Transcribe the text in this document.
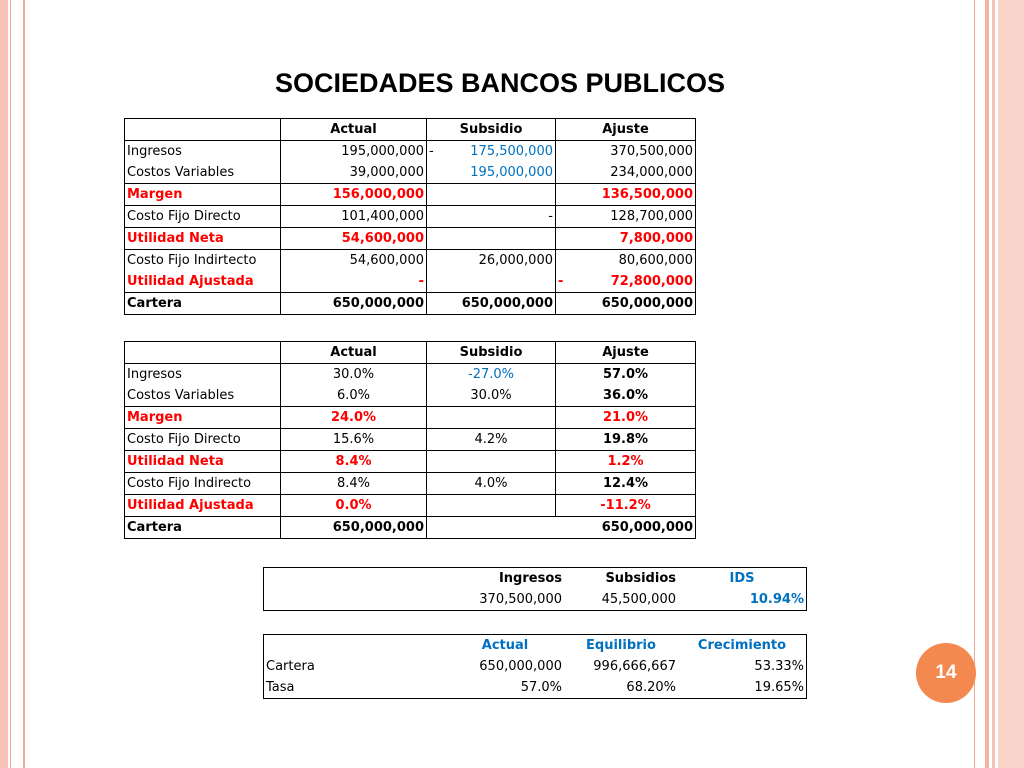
SOCIEDADES BANCOS PUBLICOS
	Actual	Subsidio	Ajuste
Ingresos	195,000,000	- 175,500,000	370,500,000
Costos Variables	39,000,000	195,000,000	234,000,000
Margen	156,000,000		136,500,000
Costo Fijo Directo	101,400,000	-	128,700,000
Utilidad Neta	54,600,000		7,800,000
Costo Fijo Indirtecto	54,600,000	26,000,000	80,600,000
Utilidad Ajustada	-		- 72,800,000
Cartera	650,000,000	650,000,000	650,000,000
	Actual	Subsidio	Ajuste
Ingresos	30.0%	-27.0%	57.0%
Costos Variables	6.0%	30.0%	36.0%
Margen	24.0%		21.0%
Costo Fijo Directo	15.6%	4.2%	19.8%
Utilidad Neta	8.4%		1.2%
Costo Fijo Indirecto	8.4%	4.0%	12.4%
Utilidad Ajustada	0.0%		-11.2%
Cartera	650,000,000		650,000,000
	Ingresos	Subsidios	IDS
	370,500,000	45,500,000	10.94%
	Actual	Equilibrio	Crecimiento
Cartera	650,000,000	996,666,667	53.33%
Tasa	57.0%	68.20%	19.65%
14
